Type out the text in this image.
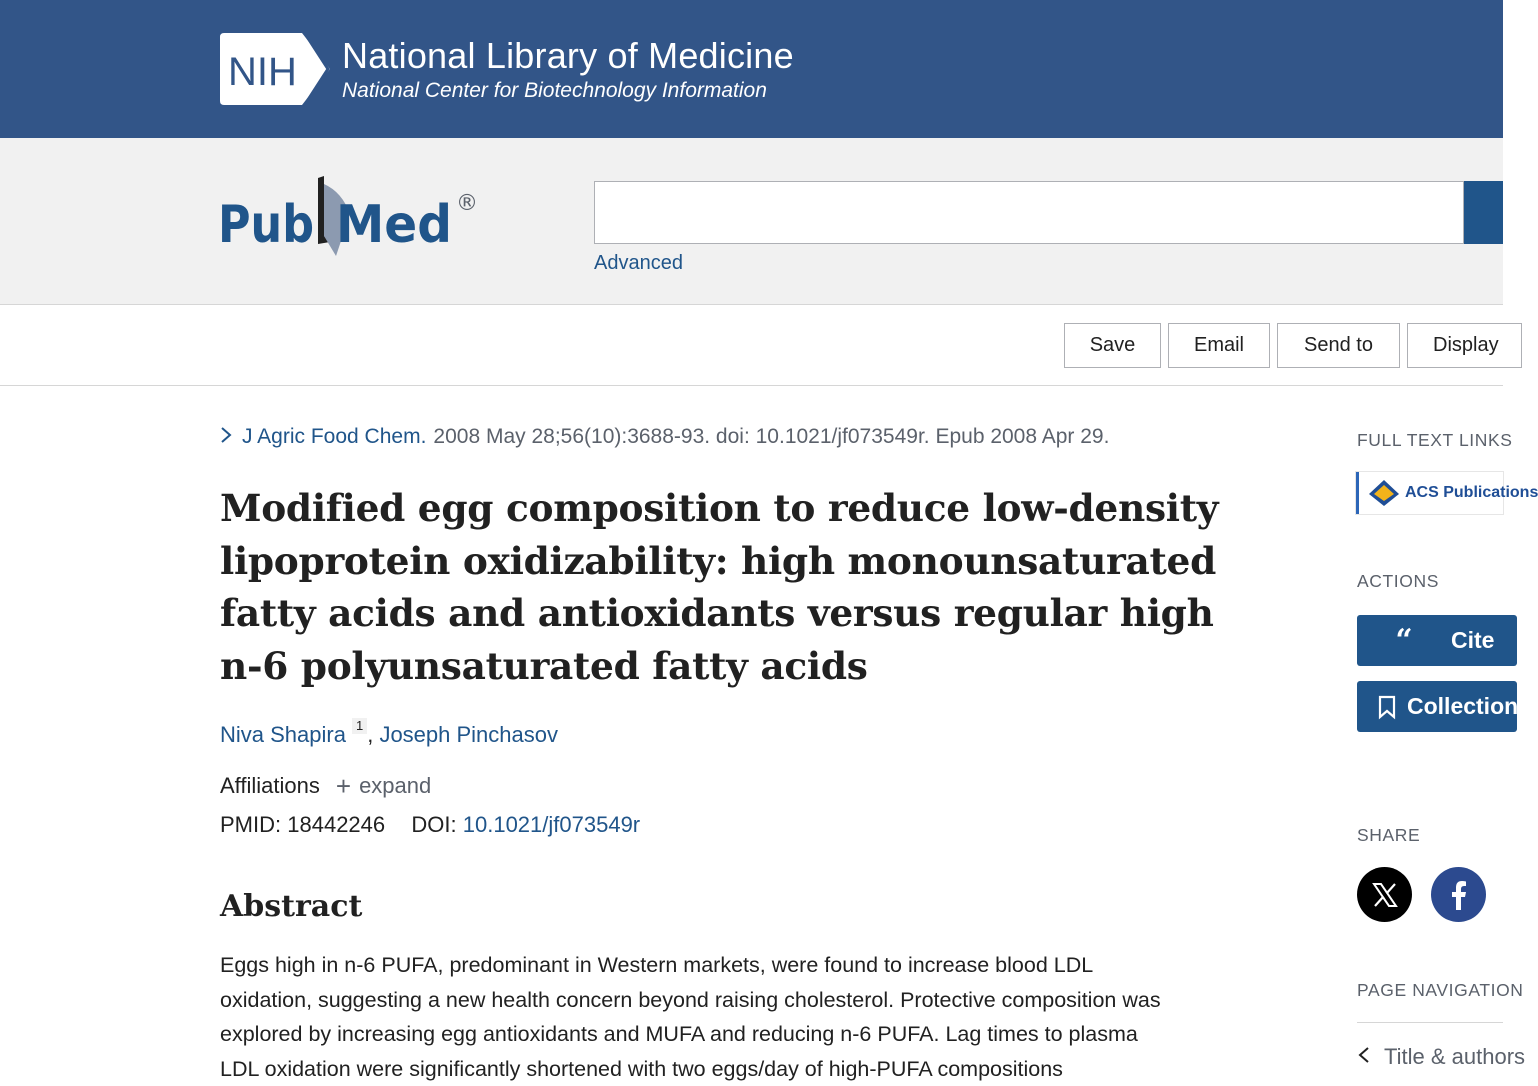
NIH National Library of Medicine
National Center for Biotechnology Information
Pub Med ®
Advanced
Save	Email	Send to	Display
J Agric Food Chem. 2008 May 28;56(10):3688-93. doi: 10.1021/jf073549r. Epub 2008 Apr 29.
Modified egg composition to reduce low-density lipoprotein oxidizability: high monounsaturated fatty acids and antioxidants versus regular high n-6 polyunsaturated fatty acids
Niva Shapira $^1$ , Joseph Pinchasov
Affiliations + expand
PMID: 18442246 DOI: 10.1021/jf073549r
Abstract
Eggs high in n-6 PUFA, predominant in Western markets, were found to increase blood LDL
oxidation, suggesting a new health concern beyond raising cholesterol. Protective composition was
explored by increasing egg antioxidants and MUFA and reducing n-6 PUFA. Lag times to plasma
LDL oxidation were significantly shortened with two eggs/day of high-PUFA compositions
FULL TEXT LINKS
ACS Publications
ACTIONS
“	Cite
Collections
SHARE
PAGE NAVIGATION
Title & authors
